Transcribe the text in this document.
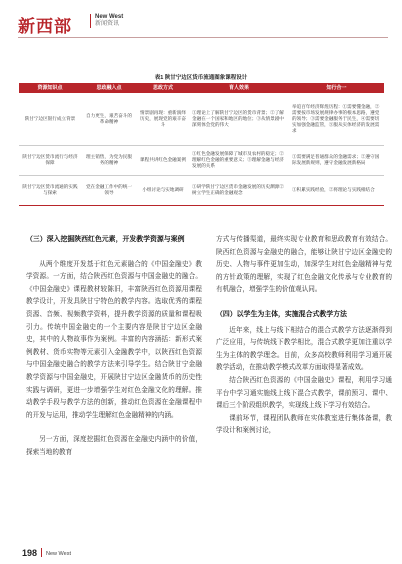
新西部	New West
新闻资讯
表1 陕甘宁边区货币流通图象课程设计
资源知识点	思政融入点	思政方式	育人效果	知行合一
陕甘宁边区银行成立背景	自力更生，艰苦奋斗的革命精神	情景剧再现：重新演绎历史，展现党的艰辛奋斗	①理论上了解陕甘宁边区的货币背景；②了解金融在一个国家和地区的地位；③从情景剧中深刻体会党的伟大	举追百年经济辉煌历程：①需要懂金融，②需要按市场发展规律办事的根本思路，遵党的领导；③需要金融服务于民生，④需要切实加强金融监管，⑤服从实体经济的发展需求
陕甘宁边区货币流行与经济保障	理主销售，为党为民服务的精神	课程共讲红色金融案例	①红色金融发展保障了城市及农村的稳定；②理解红色金融的重要意义；③理解金融与经济发展的关系	①需要满足普通群众的金融需求；②遵守国际发展新规则，遵守金融发展新格局
陕甘宁边区货币流通的实践与探索	党在金融工作中的统一领导	小组讨论与实地调研	①研学陕甘宁边区货币金融发展的历史渊源②树立学生正确的金融观念	①积累实践经验，②将理论与实践相结合
（三）深入挖掘陕西红色元素，开发教学资源与案例

从两个维度开发基于红色元素融合的《中国金融史》教学资源。一方面，结合陕西红色资源与中国金融史的融合。《中国金融史》课程教材较陈旧，丰富陕西红色资源用课程教学设计，开发具陕甘宁特色的教学内容。选取优秀的课程资源、音频、视频教学资料，提升教学资源的质量和课程吸引力。传统中国金融史的一个主要内容是陕甘宁边区金融史，其中的人物故事作为案例。丰富的内容涵括：新形式案例教材、货币实物等元素引入金融教学中，以陕西红色资源与中国金融史融合的教学方法来引导学生。结合陕甘宁金融教学资源与中国金融史，开展陕甘宁边区金融货币的历史性实践与调研，更进一步增强学生对红色金融文化的理解。推动教学手段与教学方法的创新，推动红色资源在金融课程中的开发与运用，推动学生理解红色金融精神的内涵。

另一方面，深度挖掘红色资源在金融史内涵中的价值，探索当地的教育

方式与传播渠道，最终实现专业教育和思政教育有效结合。陕西红色资源与金融史的融合，能够让陕甘宁边区金融史的历史、人物与事件更加生动，加深学生对红色金融精神与党的方针政策的理解，实现了红色金融文化传承与专业教育的有机融合，增强学生的价值观认同。

（四）以学生为主体，实施混合式教学方法

近年来，线上与线下相结合的混合式教学方法逐渐得到广泛应用，与传统线下教学相比，混合式教学更加注重以学生为主体的教学理念。目前，众多高校教师利用学习通开展教学活动，在推动教学模式改革方面取得显著成效。

结合陕西红色资源的《中国金融史》课程，利用学习通平台中学习通实施线上线下混合式教学，课前预习、课中、课后三个阶段组织教学，实现线上线下学习有效结合。

课前环节，课程团队教师在实体教室进行集体备课，教学设计和案例讨论，

198 New West
